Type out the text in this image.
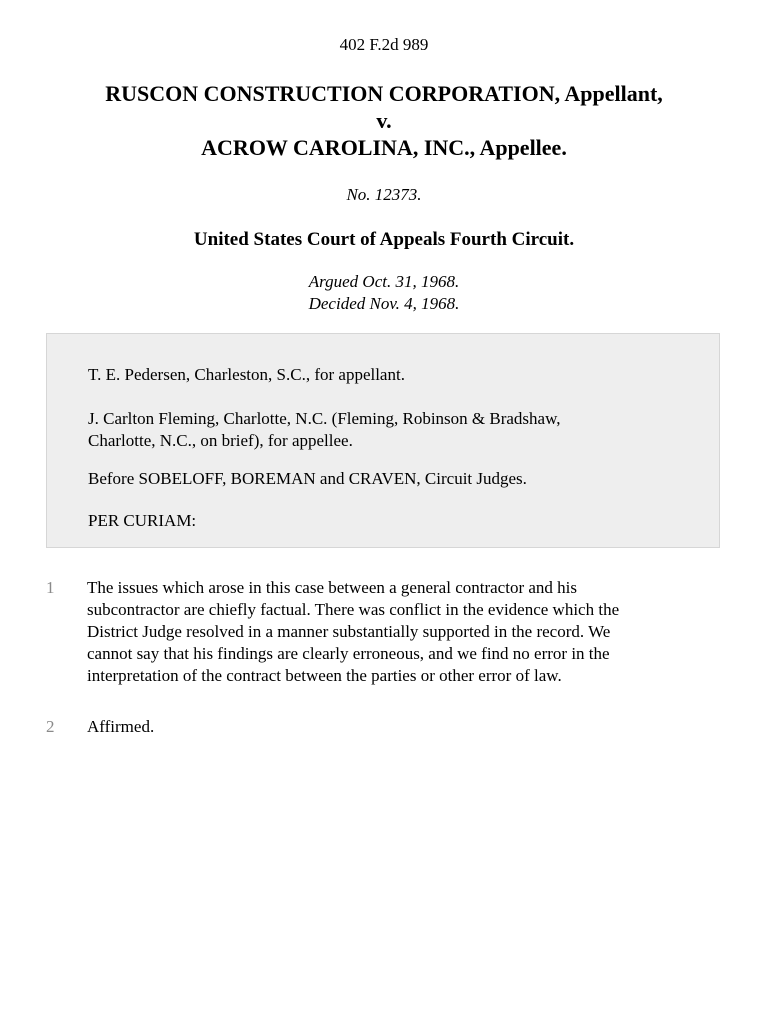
402 F.2d 989
RUSCON CONSTRUCTION CORPORATION, Appellant,
v.
ACROW CAROLINA, INC., Appellee.
No. 12373.
United States Court of Appeals Fourth Circuit.
Argued Oct. 31, 1968.
Decided Nov. 4, 1968.

T. E. Pedersen, Charleston, S.C., for appellant.

J. Carlton Fleming, Charlotte, N.C. (Fleming, Robinson & Bradshaw,
Charlotte, N.C., on brief), for appellee.

Before SOBELOFF, BOREMAN and CRAVEN, Circuit Judges.

PER CURIAM:

1 The issues which arose in this case between a general contractor and his
subcontractor are chiefly factual. There was conflict in the evidence which the
District Judge resolved in a manner substantially supported in the record. We
cannot say that his findings are clearly erroneous, and we find no error in the
interpretation of the contract between the parties or other error of law.
2 Affirmed.
